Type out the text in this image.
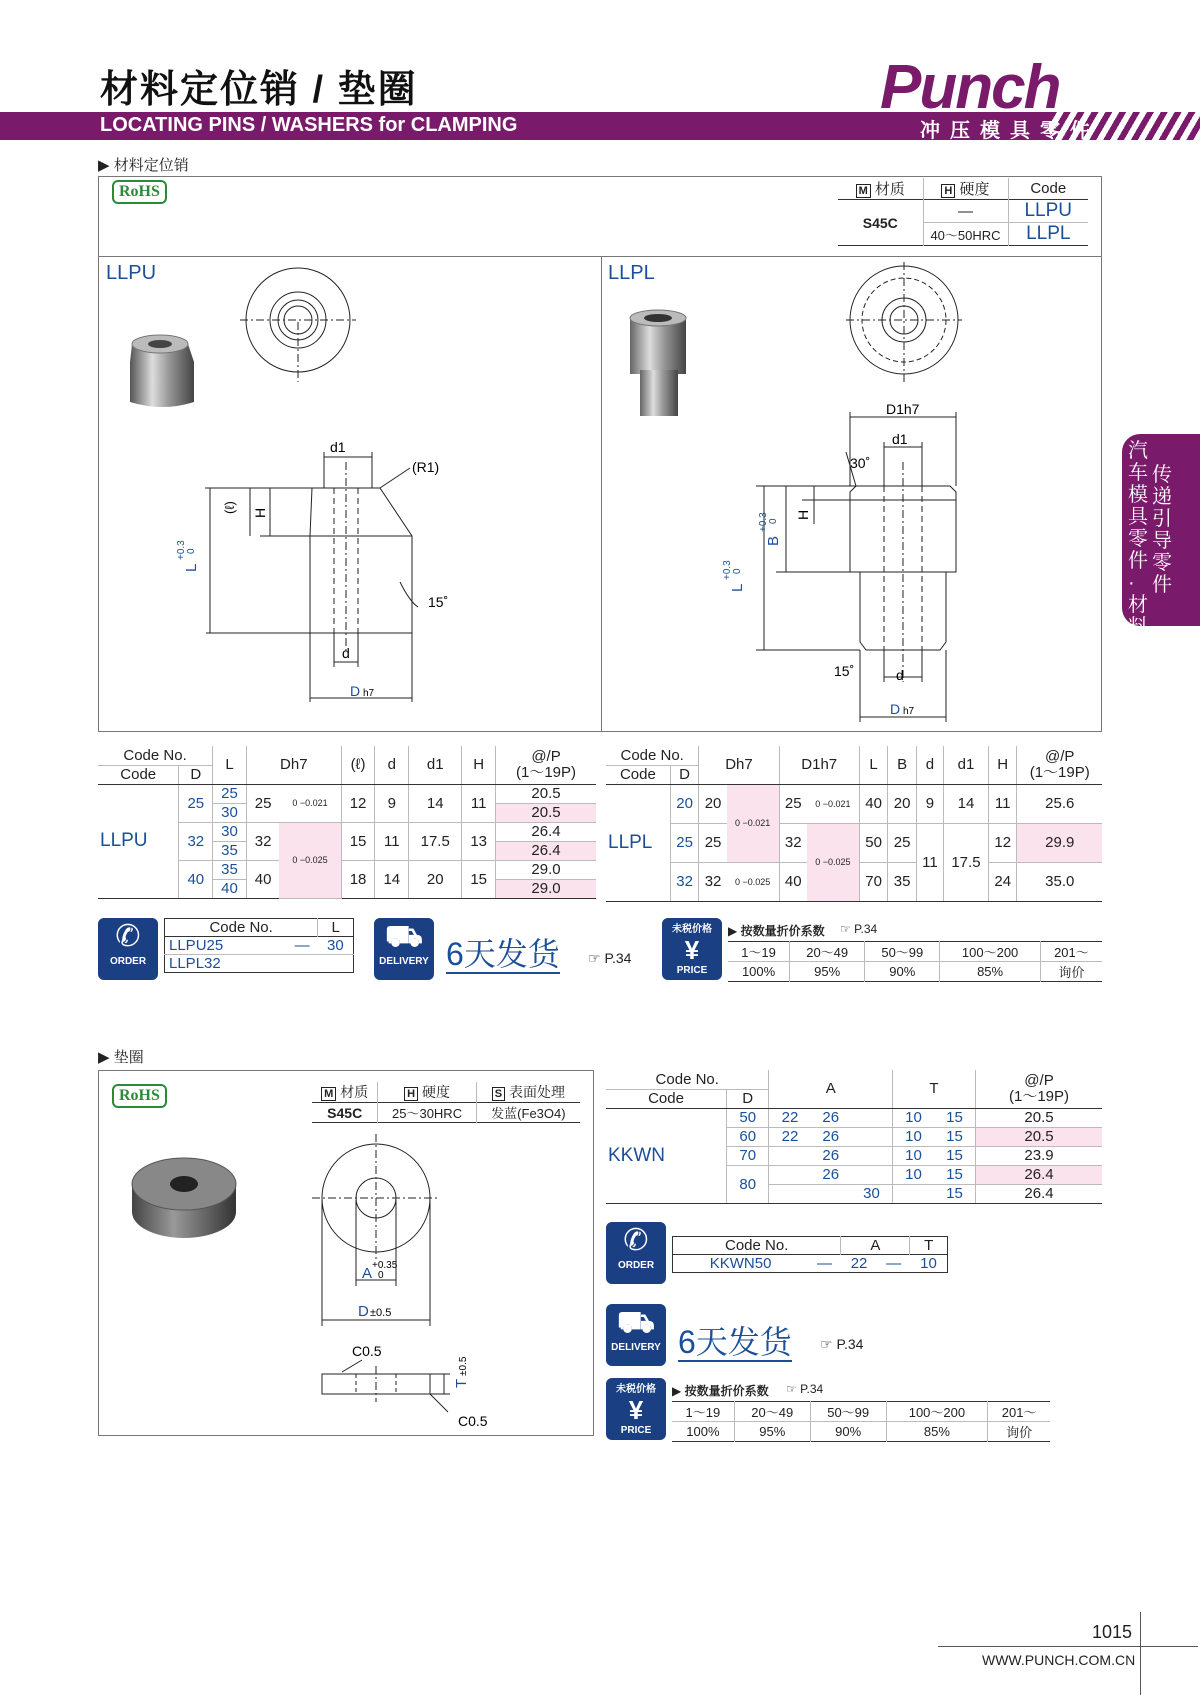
材料定位销 / 垫圈
LOCATING PINS / WASHERS for CLAMPING
Punch
冲压模具零件
汽车模具零件·材料
传递引导零件
▶ 材料定位销
RoHS	M 材质	H 硬度	Code
S45C	—	LLPU
	40～50HRC	LLPL
LLPU
d1
(R1)
(ℓ) H
L
+0.3 0
15˚
d
D h7
LLPL
D1h7
d1
30˚
H
B
+0.3 0
L
+0.3 0
15˚	d
D h7
Code No.		L	Dh7		(ℓ)	d	d1	H	@/P
(1～19P)
Code	D								
LLPU	25	25	25	0 −0.021	12	9	14	11	20.5
		30							20.5
	32	30	32	0 −0.025	15	11	17.5	13	26.4
		35							26.4
	40	35	40		18	14	20	15	29.0
		40							29.0
Code No.		Dh7		D1h7		L	B	d	d1	H	@/P
(1～19P)
Code	D										
LLPL	20	20	0 −0.021	25	0 −0.021	40	20	9	14	11	25.6
	25	25		32	0 −0.025	50	25	11	17.5	12	29.9
	32	32	0 −0.025	40		70	35			24	35.0
✆
ORDER
Code No.		L
LLPU25	—	30
LLPL32		
⛟
DELIVERY 6天发货 ☞ P.34
未税价格
¥
PRICE
▶ 按数量折价系数 ☞ P.34
1～19	20～49	50～99	100～200	201～
100%	95%	90%	85%	询价
▶ 垫圈
RoHS	M 材质	H 硬度	S 表面处理
S45C	25～30HRC	发蓝(Fe3O4)
A +0.35
0
D ±0.5
C0.5
C0.5
T
±0.5
Code No.		A			T		@/P
(1～19P)
Code	D						
KKWN	50	22	26		10	15	20.5
	60	22	26		10	15	20.5
	70		26		10	15	23.9
	80		26		10	15	26.4
				30		15	26.4
✆
ORDER
Code No.		A		T
KKWN50	—	22	—	10
⛟
DELIVERY 6天发货 ☞ P.34
未税价格
¥
PRICE
▶ 按数量折价系数 ☞ P.34
1～19	20～49	50～99	100～200	201～
100%	95%	90%	85%	询价
1015
WWW.PUNCH.COM.CN
